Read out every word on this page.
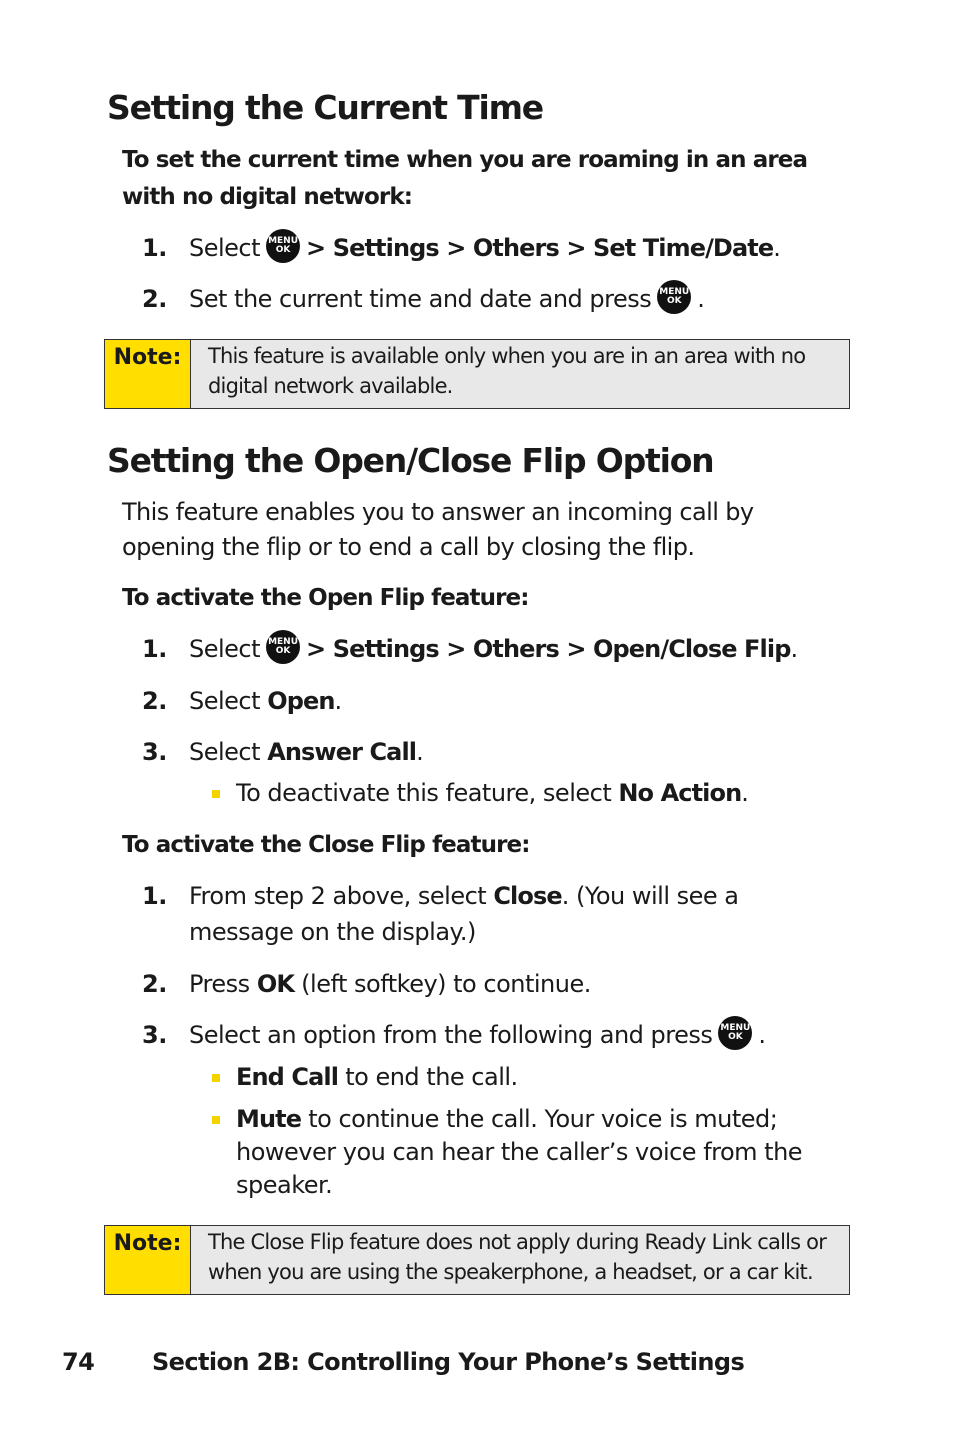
Setting the Current Time

To set the current time when you are roaming in an area with no digital network:

1. Select MENU
OK > Settings > Others > Set Time/Date.
2. Set the current time and date and press MENU
OK .
Note:	This feature is available only when you are in an area with no digital network available.
Setting the Open/Close Flip Option

This feature enables you to answer an incoming call by opening the flip or to end a call by closing the flip.

To activate the Open Flip feature:

1. Select MENU
OK > Settings > Others > Open/Close Flip.
2. Select Open.
3. Select Answer Call.
To deactivate this feature, select No Action.

To activate the Close Flip feature:

1. From step 2 above, select Close. (You will see a message on the display.)
2. Press OK (left softkey) to continue.
3. Select an option from the following and press MENU
OK .
End Call to end the call.
Mute to continue the call. Your voice is muted; however you can hear the caller’s voice from the speaker.
Note:	The Close Flip feature does not apply during Ready Link calls or when you are using the speakerphone, a headset, or a car kit.
74 Section 2B: Controlling Your Phone’s Settings
